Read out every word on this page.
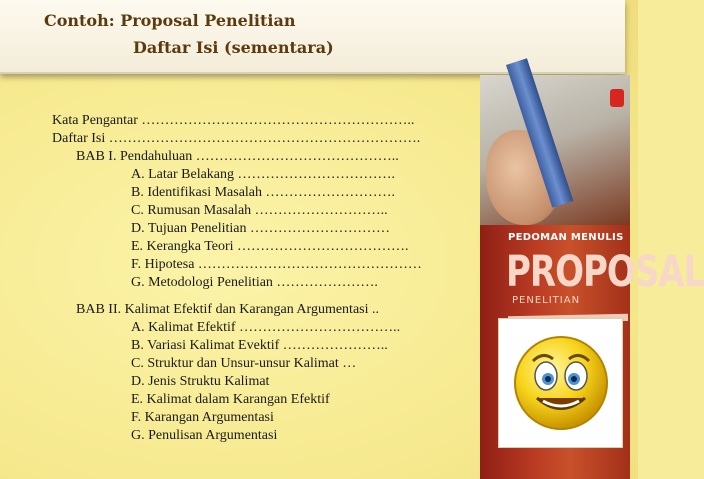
Contoh: Proposal Penelitian
Daftar Isi (sementara)
Kata Pengantar …………………………………………………..
Daftar Isi ………………………………………………………….
BAB I. Pendahuluan ……………………………………..
A. Latar Belakang …………………………….
B. Identifikasi Masalah ……………………….
C. Rumusan Masalah ………………………..
D. Tujuan Penelitian …………………………
E. Kerangka Teori ……………………………….
F. Hipotesa …………………………………………
G. Metodologi Penelitian ………………….
BAB II. Kalimat Efektif dan Karangan Argumentasi ..
A. Kalimat Efektif ……………………………..
B. Variasi Kalimat Evektif …………………..
C. Struktur dan Unsur-unsur Kalimat …
D. Jenis Struktu Kalimat
E. Kalimat dalam Karangan Efektif
F. Karangan Argumentasi
G. Penulisan Argumentasi
PEDOMAN MENULIS
PROPOSAL
PENELITIAN
